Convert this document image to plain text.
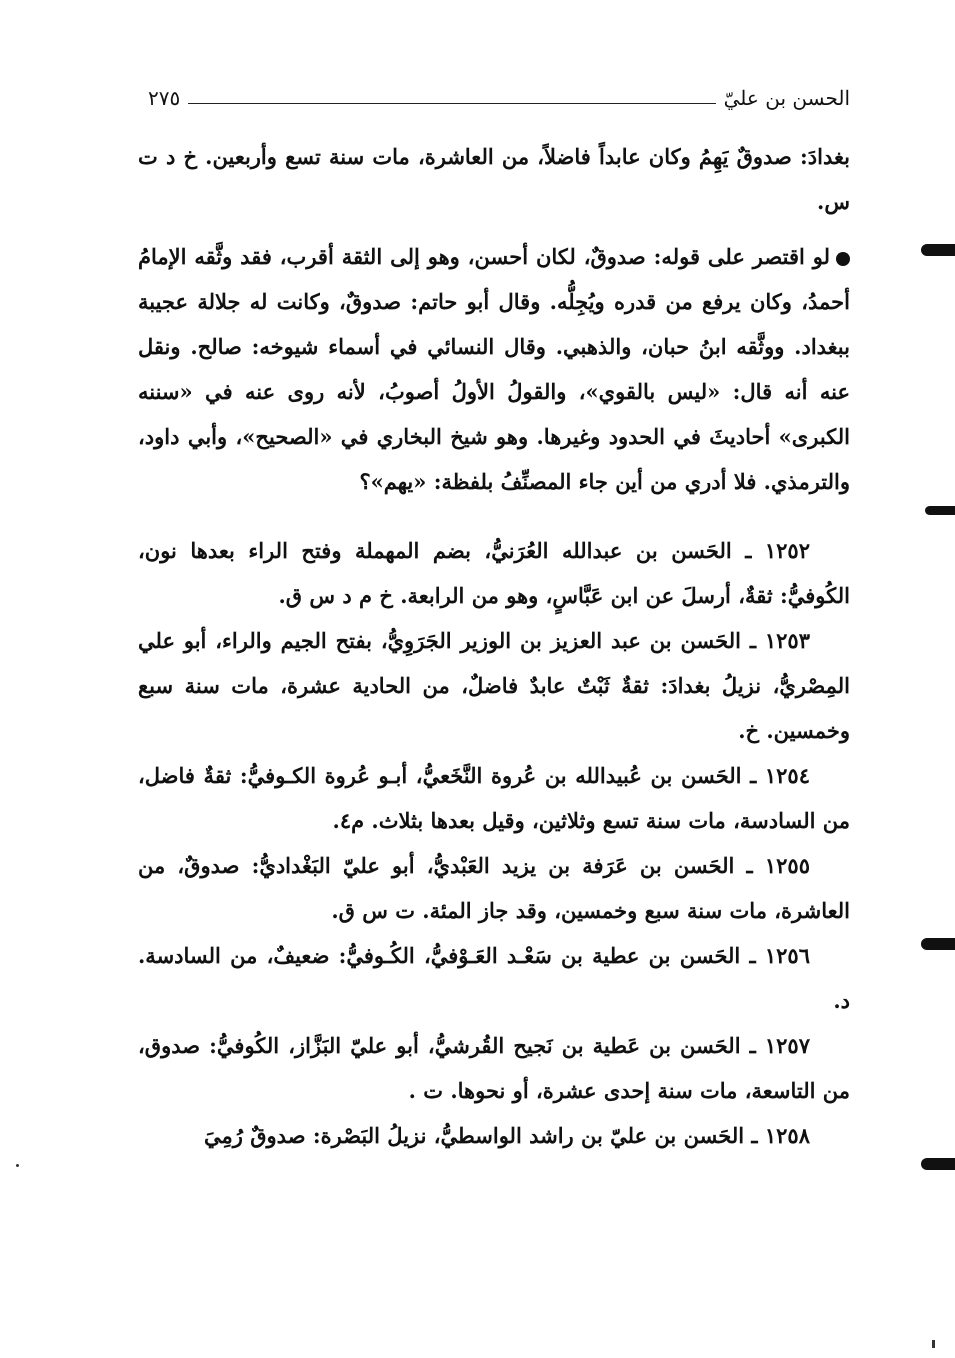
الحسن بن عليّ
٢٧٥

بغدادَ: صدوقٌ يَهِمُ وكان عابداً فاضلاً، من العاشرة، مات سنة تسع وأربعين. خ د ت س.

لو اقتصر على قوله: صدوقٌ، لكان أحسن، وهو إلى الثقة أقرب، فقد وثَّقه الإمامُ أحمدُ، وكان يرفع من قدره ويُجِلُّه. وقال أبو حاتم: صدوقٌ، وكانت له جلالة عجيبة ببغداد. ووثَّقه ابنُ حبان، والذهبي. وقال النسائي في أسماء شيوخه: صالح. ونقل عنه أنه قال: «ليس بالقوي»، والقولُ الأولُ أصوبُ، لأنه روى عنه في «سننه الكبرى» أحاديثَ في الحدود وغيرها. وهو شيخ البخاري في «الصحيح»، وأبي داود، والترمذي. فلا أدري من أين جاء المصنِّفُ بلفظة: «يهم»؟

١٢٥٢ ـ الحَسن بن عبدالله العُرَنيُّ، بضم المهملة وفتح الراء بعدها نون، الكُوفيُّ: ثقةٌ، أرسلَ عن ابن عَبَّاسٍ، وهو من الرابعة. خ م د س ق.

١٢٥٣ ـ الحَسن بن عبد العزيز بن الوزير الجَرَوِيُّ، بفتح الجيم والراء، أبو علي المِصْريُّ، نزيلُ بغدادَ: ثقةٌ ثَبْتٌ عابدٌ فاضلٌ، من الحادية عشرة، مات سنة سبع وخمسين. خ.

١٢٥٤ ـ الحَسن بن عُبيدالله بن عُروة النَّخَعيُّ، أبـو عُروة الكـوفيُّ: ثقةٌ فاضل، من السادسة، مات سنة تسع وثلاثين، وقيل بعدها بثلاث. م٤.

١٢٥٥ ـ الحَسن بن عَرَفة بن يزيد العَبْديُّ، أبو عليّ البَغْداديُّ: صدوقٌ، من العاشرة، مات سنة سبع وخمسين، وقد جاز المئة. ت س ق.

١٢٥٦ ـ الحَسن بن عطية بن سَعْـد العَـوْفيُّ، الكُـوفيُّ: ضعيفٌ، من السادسة. د.

١٢٥٧ ـ الحَسن بن عَطية بن نَجيح القُرشيُّ، أبو عليّ البَزَّاز، الكُوفيُّ: صدوق، من التاسعة، مات سنة إحدى عشرة، أو نحوها. ت .

١٢٥٨ ـ الحَسن بن عليّ بن راشد الواسطيُّ، نزيلُ البَصْرة: صدوقٌ رُمِيَ
